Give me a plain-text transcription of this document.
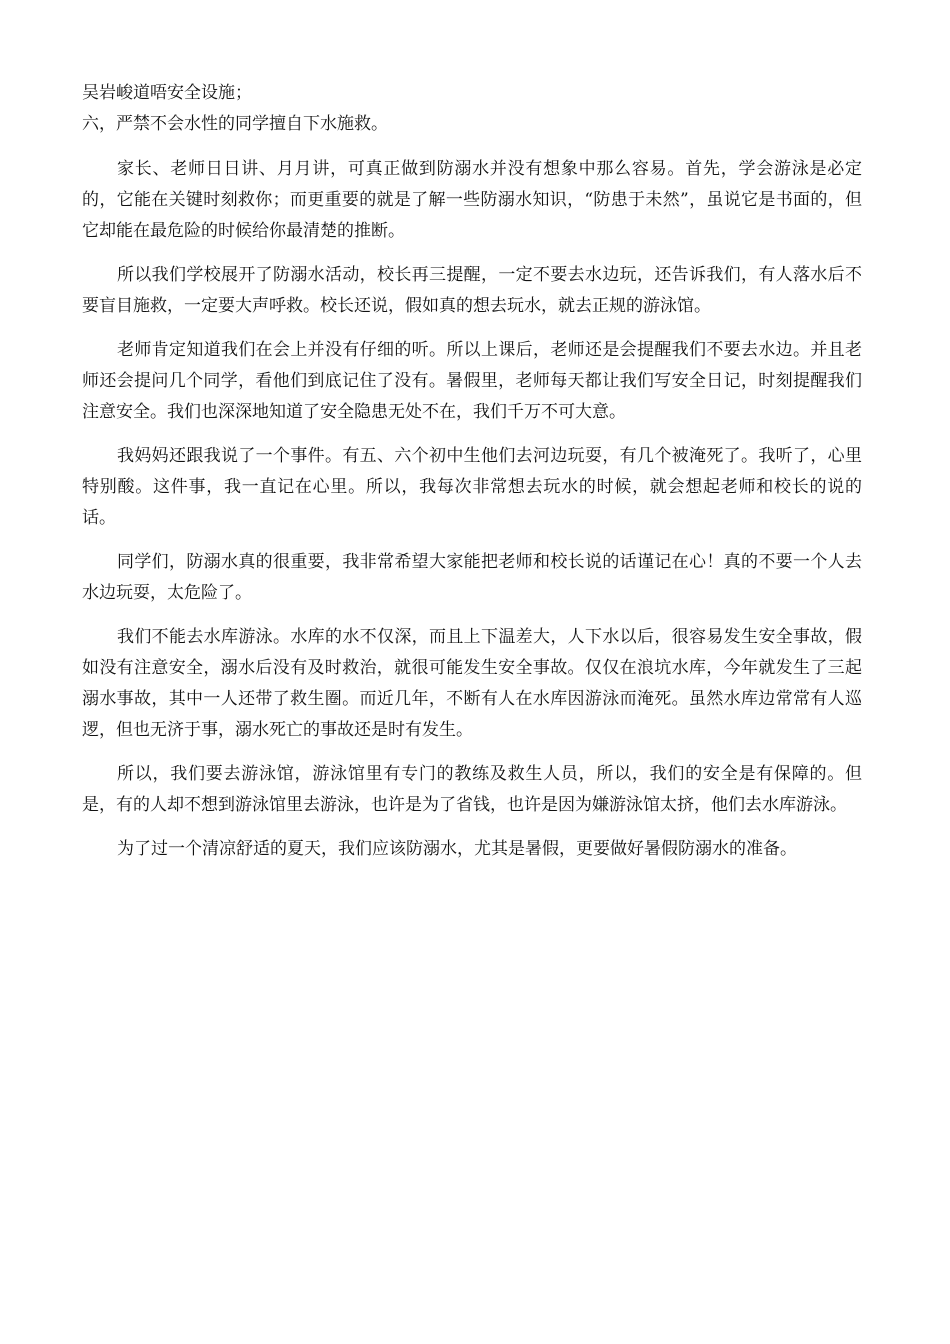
吴岩峻道唔安全设施；

六，严禁不会水性的同学擅自下水施救。

家长、老师日日讲、月月讲，可真正做到防溺水并没有想象中那么容易。首先，学会游泳是必定的，它能在关键时刻救你；而更重要的就是了解一些防溺水知识，“防患于未然”，虽说它是书面的，但它却能在最危险的时候给你最清楚的推断。

所以我们学校展开了防溺水活动，校长再三提醒，一定不要去水边玩，还告诉我们，有人落水后不要盲目施救，一定要大声呼救。校长还说，假如真的想去玩水，就去正规的游泳馆。

老师肯定知道我们在会上并没有仔细的听。所以上课后，老师还是会提醒我们不要去水边。并且老师还会提问几个同学，看他们到底记住了没有。暑假里，老师每天都让我们写安全日记，时刻提醒我们注意安全。我们也深深地知道了安全隐患无处不在，我们千万不可大意。

我妈妈还跟我说了一个事件。有五、六个初中生他们去河边玩耍，有几个被淹死了。我听了，心里特别酸。这件事，我一直记在心里。所以，我每次非常想去玩水的时候，就会想起老师和校长的说的话。

同学们，防溺水真的很重要，我非常希望大家能把老师和校长说的话谨记在心！真的不要一个人去水边玩耍，太危险了。

我们不能去水库游泳。水库的水不仅深，而且上下温差大，人下水以后，很容易发生安全事故，假如没有注意安全，溺水后没有及时救治，就很可能发生安全事故。仅仅在浪坑水库，今年就发生了三起溺水事故，其中一人还带了救生圈。而近几年，不断有人在水库因游泳而淹死。虽然水库边常常有人巡逻，但也无济于事，溺水死亡的事故还是时有发生。

所以，我们要去游泳馆，游泳馆里有专门的教练及救生人员，所以，我们的安全是有保障的。但是，有的人却不想到游泳馆里去游泳，也许是为了省钱，也许是因为嫌游泳馆太挤，他们去水库游泳。

为了过一个清凉舒适的夏天，我们应该防溺水，尤其是暑假，更要做好暑假防溺水的准备。
